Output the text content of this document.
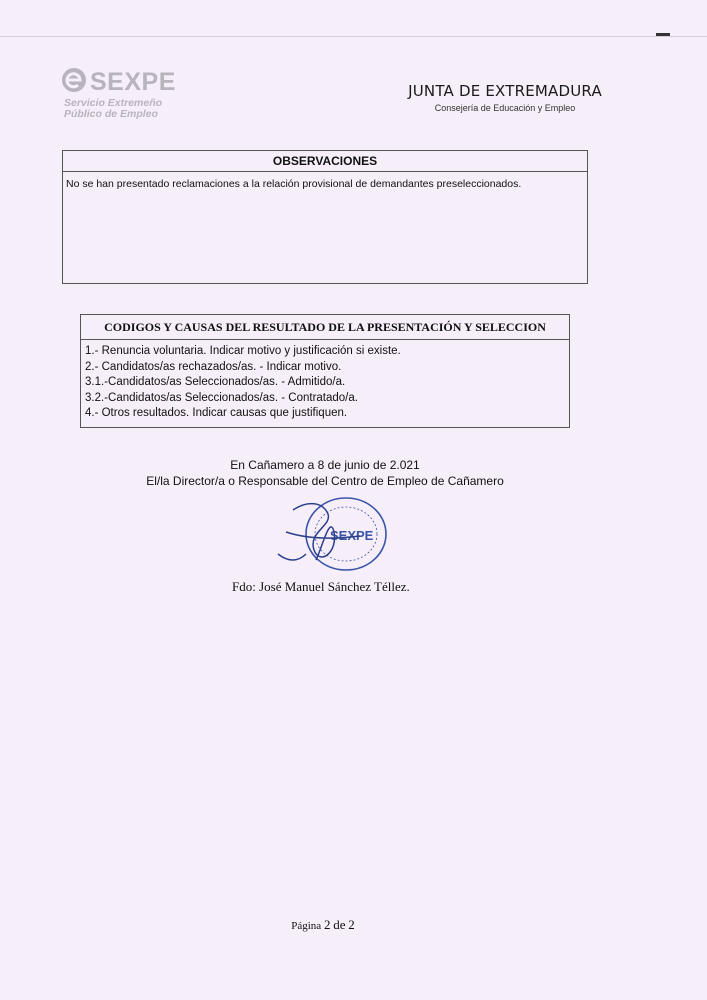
SEXPE
Servicio Extremeño
Público de Empleo
JUNTA DE EXTREMADURA
Consejería de Educación y Empleo
OBSERVACIONES
No se han presentado reclamaciones a la relación provisional de demandantes preseleccionados.
CODIGOS Y CAUSAS DEL RESULTADO DE LA PRESENTACIÓN Y SELECCION
1.- Renuncia voluntaria. Indicar motivo y justificación si existe.
2.- Candidatos/as rechazados/as. - Indicar motivo.
3.1.-Candidatos/as Seleccionados/as. - Admitido/a.
3.2.-Candidatos/as Seleccionados/as. - Contratado/a.
4.- Otros resultados. Indicar causas que justifiquen.
En Cañamero a 8 de junio de 2.021
El/la Director/a o Responsable del Centro de Empleo de Cañamero
SEXPE
Fdo: José Manuel Sánchez Téllez.
Página 2 de 2
